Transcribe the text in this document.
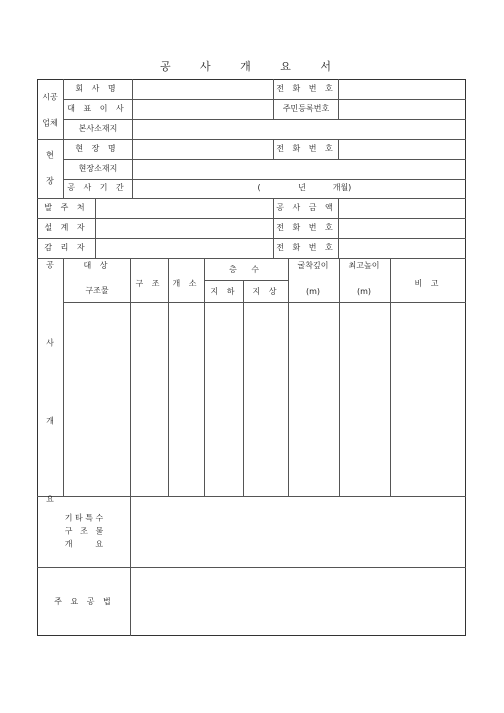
공 사 개 요 서
시공

업체
회 사 명
대 표 이 사
본사소재지
전 화 번 호
주민등록번호
현

장
현 장 명
현장소재지
공 사 기 간
전 화 번 호
(	년	개월)
발 주 처
설 계 자
감 리 자
공 사 금 액
전 화 번 호
전 화 번 호
공

사

개

요
대 상
구조물
구 조 개 소
층 수
지 하 지 상
굴착깊이
(m)
최고높이
(m)
비 고
기 타 특 수
구   조   물
개         요
주 요 공 법
